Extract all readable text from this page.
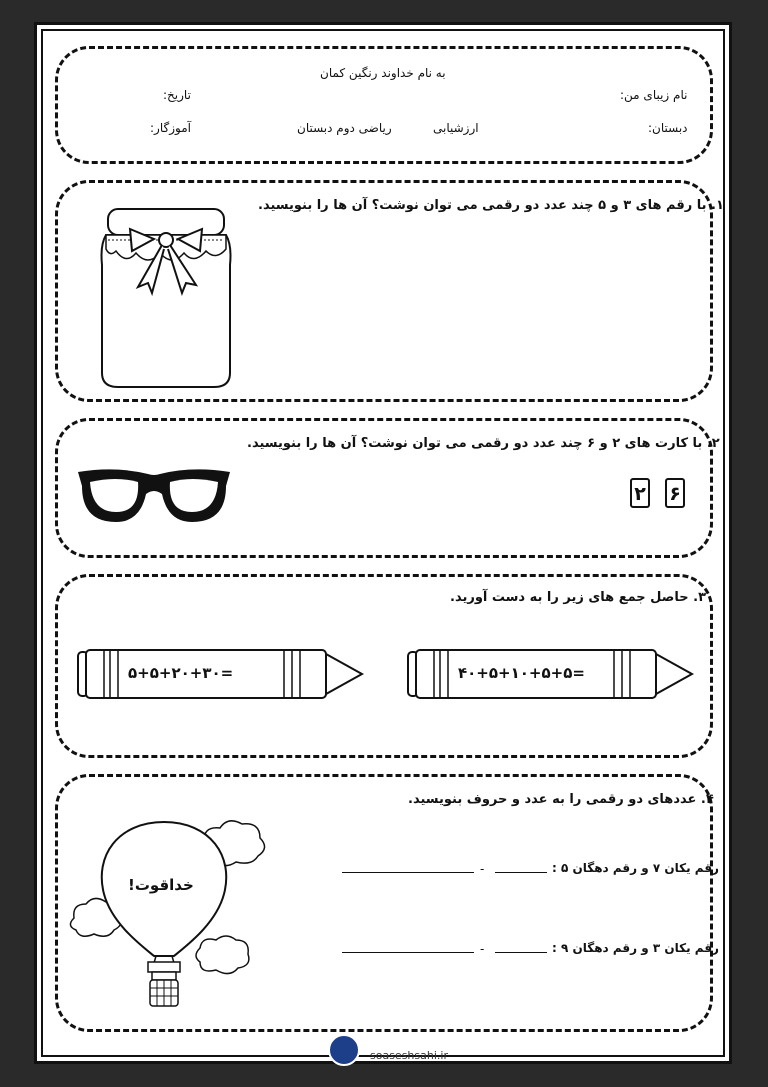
به نام خداوند رنگین کمان
نام زیبای من:
تاریخ:
دبستان:
ارزشیابی
ریاضی دوم دبستان
آموزگار:
۱. با رقم های ۳ و ۵ چند عدد دو رقمی می توان نوشت؟ آن ها را بنویسید.
۲. با کارت های ۲ و ۶ چند عدد دو رقمی می توان نوشت؟ آن ها را بنویسید.
۶
۲
۳. حاصل جمع های زیر را به دست آورید.
۵+۵+۲۰+۳۰=	۴۰+۵+۱۰+۵+۵=
۴. عددهای دو رقمی را به عدد و حروف بنویسید.
خداقوت!
رقم یکان ۷ و رقم دهگان ۵ :
-
رقم یکان ۳ و رقم دهگان ۹ :
-
soaseshsahi.ir
